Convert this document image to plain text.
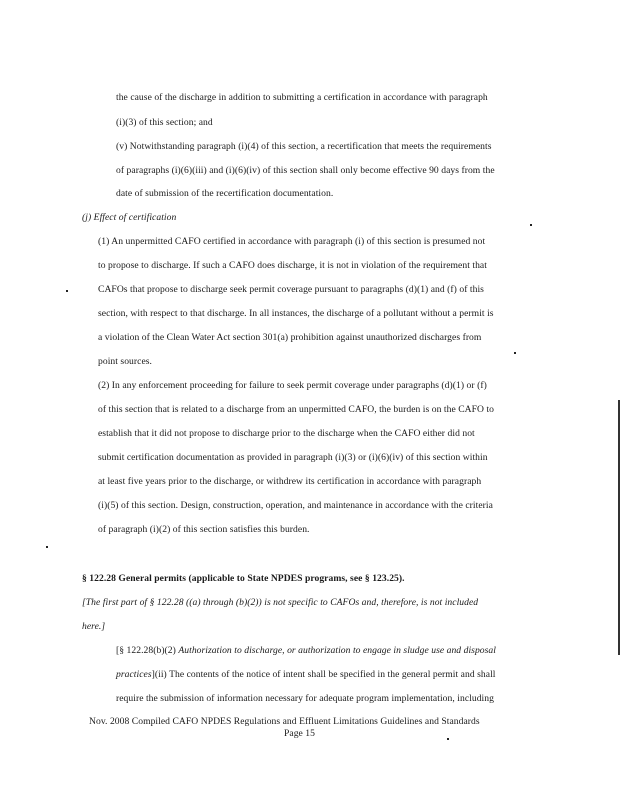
the cause of the discharge in addition to submitting a certification in accordance with paragraph
(i)(3) of this section; and
(v) Notwithstanding paragraph (i)(4) of this section, a recertification that meets the requirements
of paragraphs (i)(6)(iii) and (i)(6)(iv) of this section shall only become effective 90 days from the
date of submission of the recertification documentation.
(j) Effect of certification
(1) An unpermitted CAFO certified in accordance with paragraph (i) of this section is presumed not
to propose to discharge. If such a CAFO does discharge, it is not in violation of the requirement that
CAFOs that propose to discharge seek permit coverage pursuant to paragraphs (d)(1) and (f) of this
section, with respect to that discharge. In all instances, the discharge of a pollutant without a permit is
a violation of the Clean Water Act section 301(a) prohibition against unauthorized discharges from
point sources.
(2) In any enforcement proceeding for failure to seek permit coverage under paragraphs (d)(1) or (f)
of this section that is related to a discharge from an unpermitted CAFO, the burden is on the CAFO to
establish that it did not propose to discharge prior to the discharge when the CAFO either did not
submit certification documentation as provided in paragraph (i)(3) or (i)(6)(iv) of this section within
at least five years prior to the discharge, or withdrew its certification in accordance with paragraph
(i)(5) of this section. Design, construction, operation, and maintenance in accordance with the criteria
of paragraph (i)(2) of this section satisfies this burden.
§ 122.28 General permits (applicable to State NPDES programs, see § 123.25).
[The first part of § 122.28 ((a) through (b)(2)) is not specific to CAFOs and, therefore, is not included
here.]
[§ 122.28(b)(2) Authorization to discharge, or authorization to engage in sludge use and disposal
practices](ii) The contents of the notice of intent shall be specified in the general permit and shall
require the submission of information necessary for adequate program implementation, including
Nov. 2008 Compiled CAFO NPDES Regulations and Effluent Limitations Guidelines and Standards
Page 15
